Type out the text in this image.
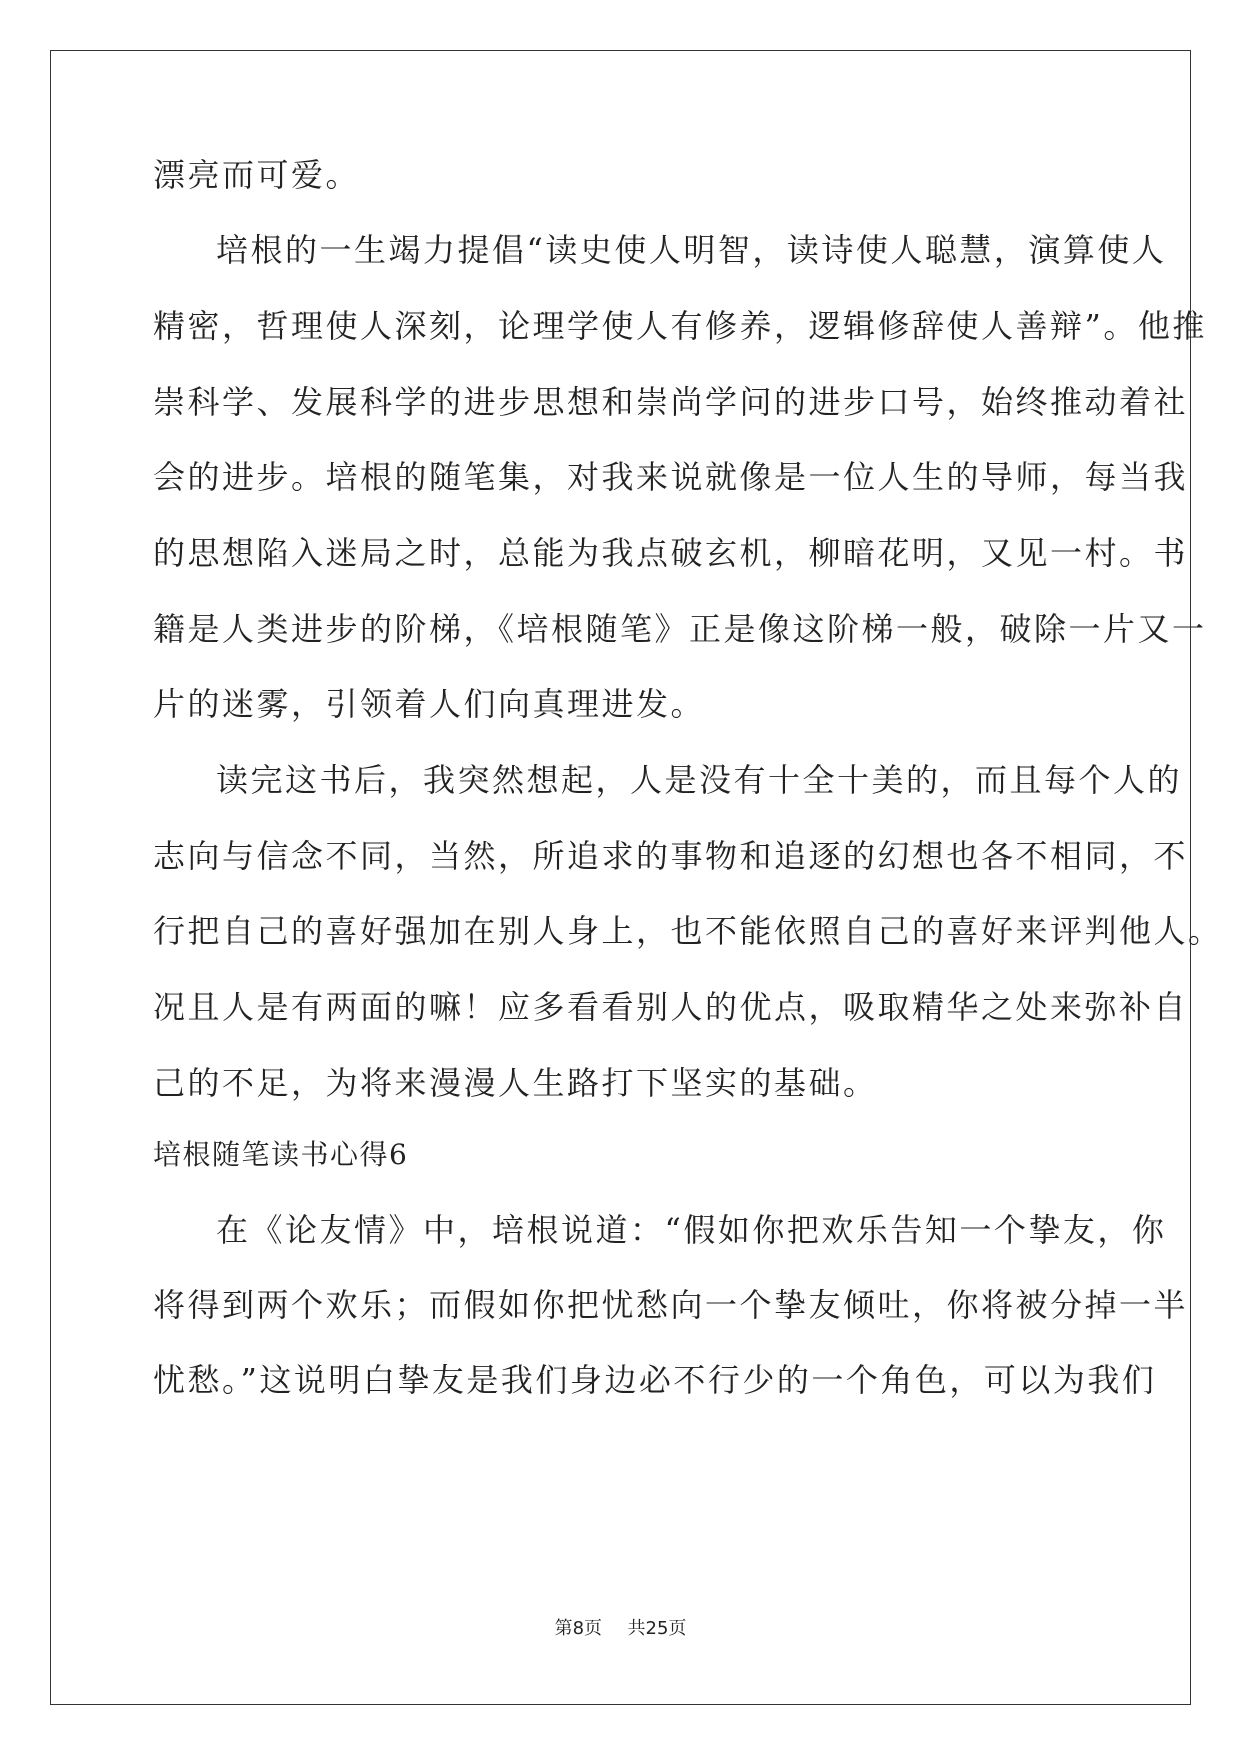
漂亮而可爱。
培根的一生竭力提倡“读史使人明智，读诗使人聪慧，演算使人
精密，哲理使人深刻，论理学使人有修养，逻辑修辞使人善辩”。他推
崇科学、发展科学的进步思想和崇尚学问的进步口号，始终推动着社
会的进步。培根的随笔集，对我来说就像是一位人生的导师，每当我
的思想陷入迷局之时，总能为我点破玄机，柳暗花明，又见一村。书
籍是人类进步的阶梯，《培根随笔》正是像这阶梯一般，破除一片又一
片的迷雾，引领着人们向真理进发。
读完这书后，我突然想起，人是没有十全十美的，而且每个人的
志向与信念不同，当然，所追求的事物和追逐的幻想也各不相同，不
行把自己的喜好强加在别人身上，也不能依照自己的喜好来评判他人。
况且人是有两面的嘛！应多看看别人的优点，吸取精华之处来弥补自
己的不足，为将来漫漫人生路打下坚实的基础。
培根随笔读书心得6
在《论友情》中，培根说道：“假如你把欢乐告知一个挚友，你
将得到两个欢乐；而假如你把忧愁向一个挚友倾吐，你将被分掉一半
忧愁。”这说明白挚友是我们身边必不行少的一个角色，可以为我们
第8页 共25页
